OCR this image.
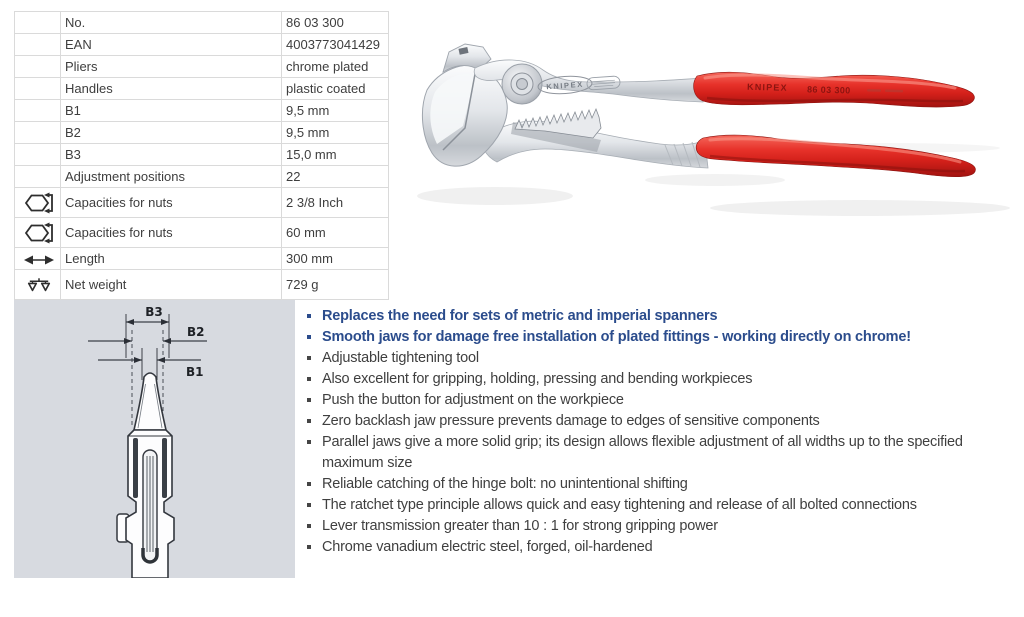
	No.	86 03 300
	EAN	4003773041429
	Pliers	chrome plated
	Handles	plastic coated
	B1	9,5 mm
	B2	9,5 mm
	B3	15,0 mm
	Adjustment positions	22
	Capacities for nuts	2 3/8 Inch
	Capacities for nuts	60 mm
	Length	300 mm
	Net weight	729 g
KNIPEX	KNIPEX 86 03 300
B3
B2
B1
Replaces the need for sets of metric and imperial spanners
Smooth jaws for damage free installation of plated fittings - working directly on chrome!
Adjustable tightening tool
Also excellent for gripping, holding, pressing and bending workpieces
Push the button for adjustment on the workpiece
Zero backlash jaw pressure prevents damage to edges of sensitive components
Parallel jaws give a more solid grip; its design allows flexible adjustment of all widths up to the specified maximum size
Reliable catching of the hinge bolt: no unintentional shifting
The ratchet type principle allows quick and easy tightening and release of all bolted connections
Lever transmission greater than 10 : 1 for strong gripping power
Chrome vanadium electric steel, forged, oil-hardened
